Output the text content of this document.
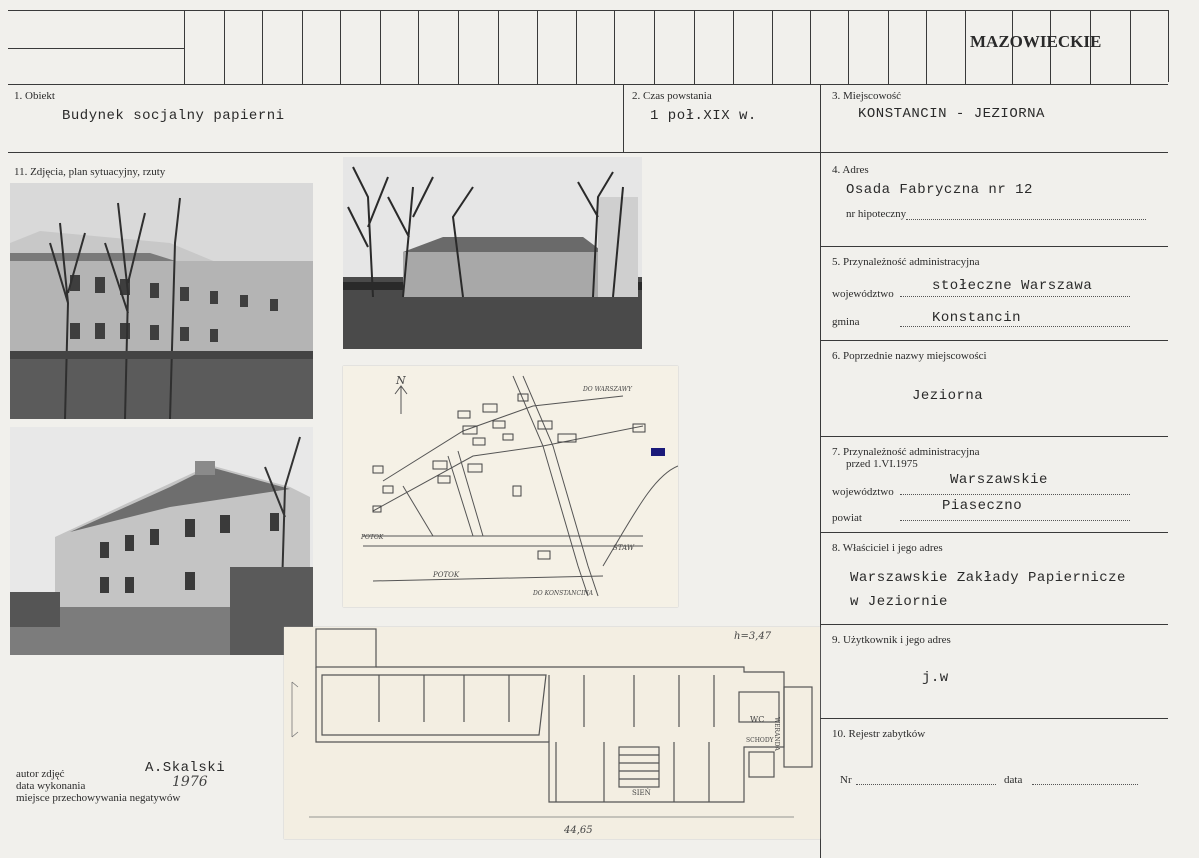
MAZOWIECKIE
1. Obiekt
Budynek socjalny papierni
2. Czas powstania
1 poł.XIX w.
3. Miejscowość
KONSTANCIN - JEZIORNA
11. Zdjęcia, plan sytuacyjny, rzuty
N
STAW
POTOK
DO KONSTANCINA
POTOK
DO WARSZAWY
h=3,47
44,65
WC
SIEŃ
SCHODY WERANDA
autor zdjęć	A.Skalski
data wykonania	1976
miejsce przechowywania negatywów
4. Adres
Osada Fabryczna nr 12
nr hipoteczny
5. Przynależność administracyjna
województwo	stołeczne Warszawa
gmina	Konstancin
6. Poprzednie nazwy miejscowości
Jeziorna
7. Przynależność administracyjna
przed 1.VI.1975
województwo
Warszawskie
powiat
Piaseczno
8. Właściciel i jego adres
Warszawskie Zakłady Papiernicze
w Jeziornie
9. Użytkownik i jego adres
j.w
10. Rejestr zabytków
Nr	data
